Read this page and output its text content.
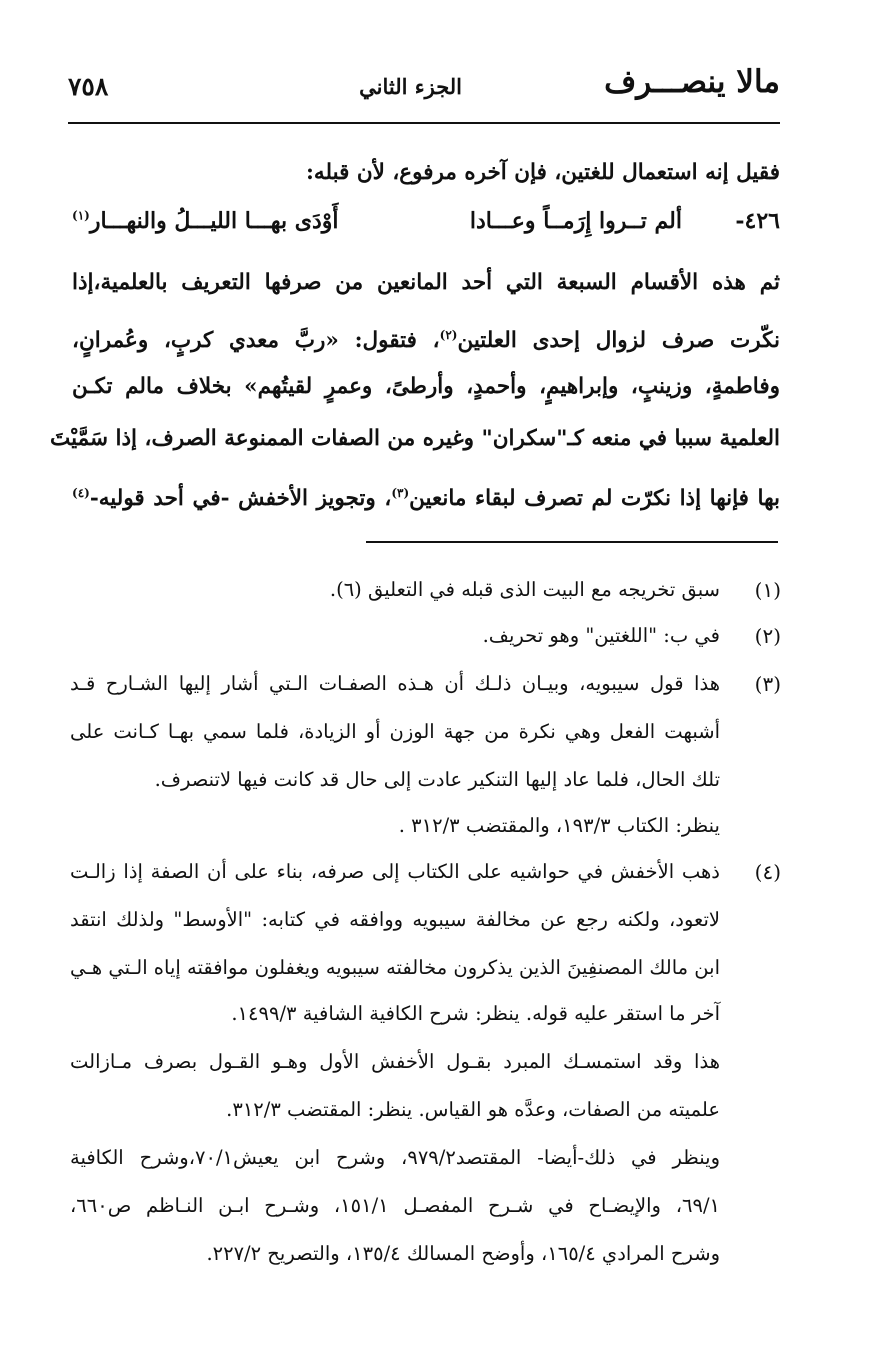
مالا ينصـــرف
الجزء الثاني
٧٥٨
فقيل إنه استعمال للغتين، فإن آخره مرفوع، لأن قبله:
٤٢٦-
ألم تــروا إِرَمــاً وعـــادا
أَوْدَى بهـــا الليـــلُ والنهـــار$^{(١)}$
ثم هذه الأقسام السبعة التي أحد المانعين من صرفها التعريف بالعلمية،إذا
نكّرت صرف لزوال إحدى العلتين$^{(٢)}$، فتقول: «ربَّ معدي كربٍ، وعُمرانٍ،
وفاطمةٍ، وزينبٍ، وإبراهيمٍ، وأحمدٍ، وأرطىً، وعمرٍ لقيتُهم» بخلاف مالم تكـن
العلمية سببا في منعه كـ"سكران" وغيره من الصفات الممنوعة الصرف، إذا سَمَّيْتَ
بها فإنها إذا نكرّت لم تصرف لبقاء مانعين$^{(٣)}$، وتجويز الأخفش -في أحد قوليه-$^{(٤)}$
(١)
سبق تخريجه مع البيت الذى قبله في التعليق (٦).
(٢)
في ب: "اللغتين" وهو تحريف.
(٣)
هذا قول سيبويه، وبيـان ذلـك أن هـذه الصفـات الـتي أشار إليها الشـارح قـد
أشبهت الفعل وهي نكرة من جهة الوزن أو الزيادة، فلما سمي بهـا كـانت على
تلك الحال، فلما عاد إليها التنكير عادت إلى حال قد كانت فيها لاتنصرف.
ينظر: الكتاب ١٩٣/٣، والمقتضب ٣١٢/٣ .
(٤)
ذهب الأخفش في حواشيه على الكتاب إلى صرفه، بناء على أن الصفة إذا زالـت
لاتعود، ولكنه رجع عن مخالفة سيبويه ووافقه في كتابه: "الأوسط" ولذلك انتقد
ابن مالك المصنفِينَ الذين يذكرون مخالفته سيبويه ويغفلون موافقته إياه الـتي هـي
آخر ما استقر عليه قوله. ينظر: شرح الكافية الشافية ١٤٩٩/٣.
هذا وقد استمسـك المبرد بقـول الأخفش الأول وهـو القـول بصرف مـازالت
علميته من الصفات، وعدَّه هو القياس. ينظر: المقتضب ٣١٢/٣.
وينظر في ذلك-أيضا- المقتصد٩٧٩/٢، وشرح ابن يعيش٧٠/١،وشرح الكافية
٦٩/١، والإيضـاح في شـرح المفصـل ١٥١/١، وشـرح ابـن النـاظم ص٦٦٠،
وشرح المرادي ١٦٥/٤، وأوضح المسالك ١٣٥/٤، والتصريح ٢٢٧/٢.
